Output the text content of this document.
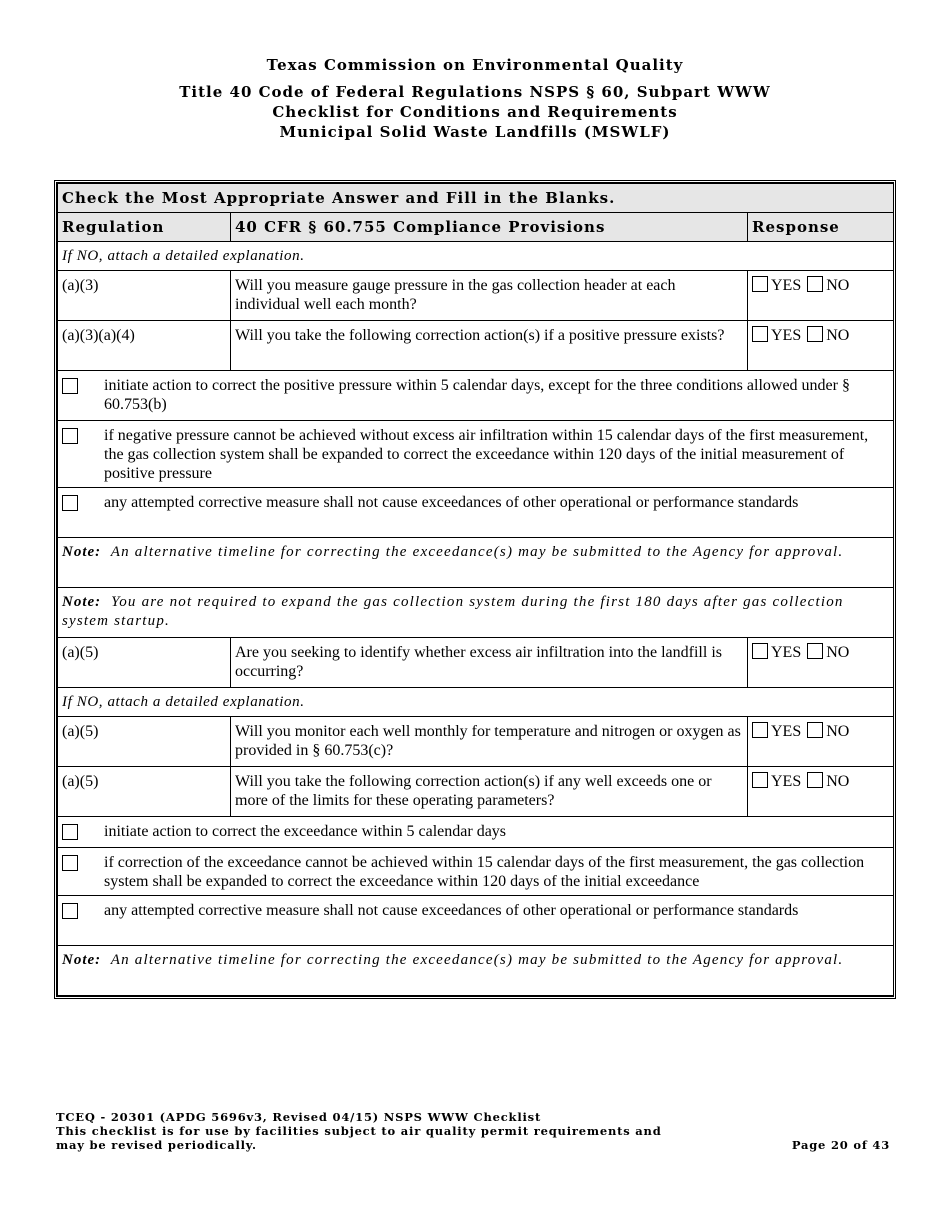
Texas Commission on Environmental Quality
Title 40 Code of Federal Regulations NSPS § 60, Subpart WWW
Checklist for Conditions and Requirements
Municipal Solid Waste Landfills (MSWLF)
Check the Most Appropriate Answer and Fill in the Blanks.		
Regulation	40 CFR § 60.755 Compliance Provisions	Response
If NO, attach a detailed explanation.		
(a)(3)	Will you measure gauge pressure in the gas collection header at each individual well each month?	YES NO
(a)(3)(a)(4)	Will you take the following correction action(s) if a positive pressure exists?	YES NO

initiate action to correct the positive pressure within 5 calendar days, except for the three conditions allowed under § 60.753(b)		

if negative pressure cannot be achieved without excess air infiltration within 15 calendar days of the first measurement, the gas collection system shall be expanded to correct the exceedance within 120 days of the initial measurement of positive pressure		

any attempted corrective measure shall not cause exceedances of other operational or performance standards		

Note: An alternative timeline for correcting the exceedance(s) may be submitted to the Agency for approval.		
Note: You are not required to expand the gas collection system during the first 180 days after gas collection system startup.		
(a)(5)	Are you seeking to identify whether excess air infiltration into the landfill is occurring?	YES NO
If NO, attach a detailed explanation.		
(a)(5)	Will you monitor each well monthly for temperature and nitrogen or oxygen as provided in § 60.753(c)?	YES NO
(a)(5)	Will you take the following correction action(s) if any well exceeds one or more of the limits for these operating parameters?	YES NO

initiate action to correct the exceedance within 5 calendar days		

if correction of the exceedance cannot be achieved within 15 calendar days of the first measurement, the gas collection system shall be expanded to correct the exceedance within 120 days of the initial exceedance		

any attempted corrective measure shall not cause exceedances of other operational or performance standards		

Note: An alternative timeline for correcting the exceedance(s) may be submitted to the Agency for approval.		
TCEQ - 20301 (APDG 5696v3, Revised 04/15) NSPS WWW Checklist
This checklist is for use by facilities subject to air quality permit requirements and
may be revised periodically.	Page 20 of 43
